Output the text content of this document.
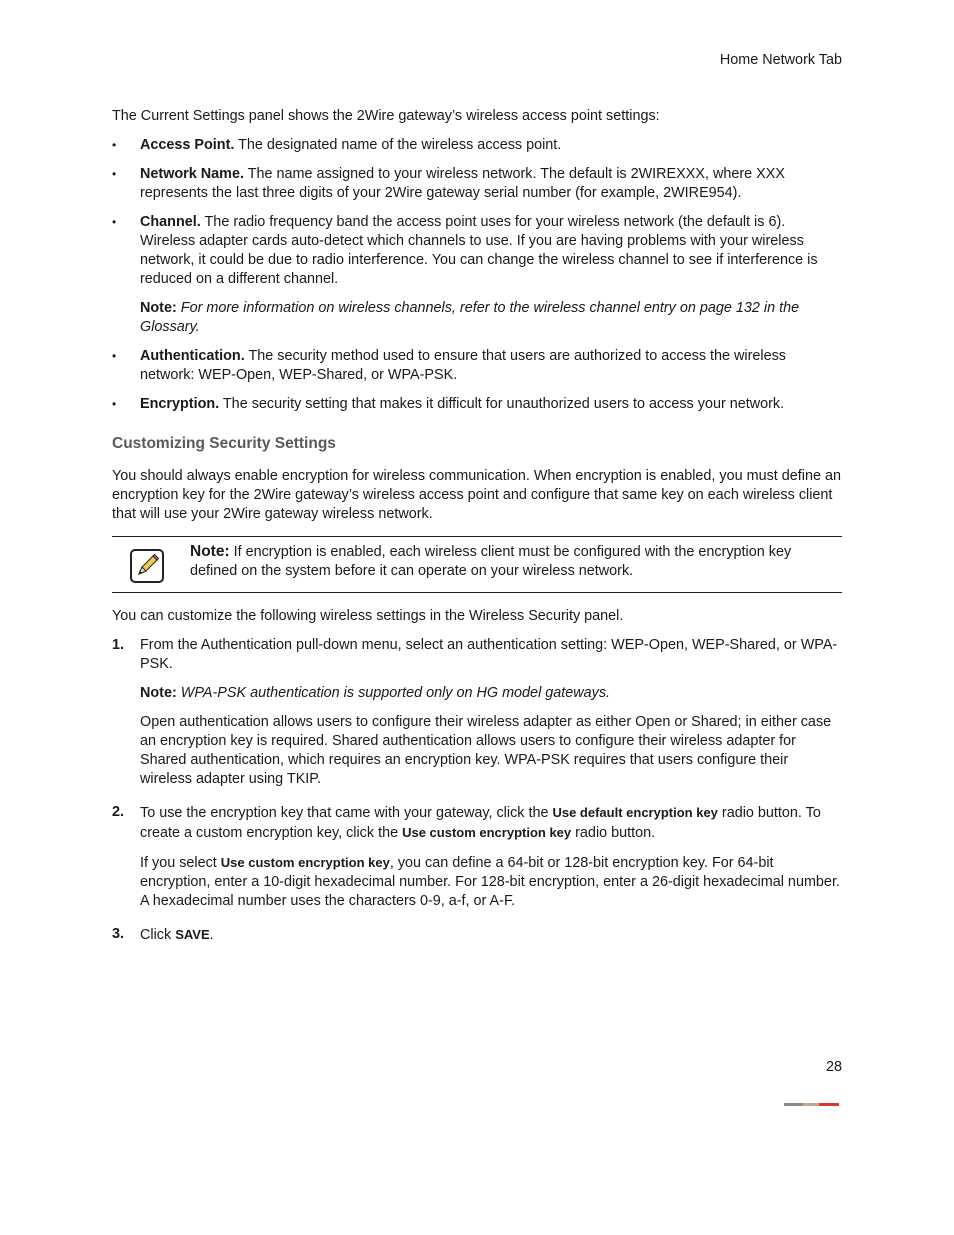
Home Network Tab

The Current Settings panel shows the 2Wire gateway’s wireless access point settings:

• Access Point. The designated name of the wireless access point.
• Network Name. The name assigned to your wireless network. The default is 2WIREXXX, where XXX represents the last three digits of your 2Wire gateway serial number (for example, 2WIRE954).
• Channel. The radio frequency band the access point uses for your wireless network (the default is 6). Wireless adapter cards auto-detect which channels to use. If you are having problems with your wireless network, it could be due to radio interference. You can change the wireless channel to see if interference is reduced on a different channel.

Note: For more information on wireless channels, refer to the wireless channel entry on page 132 in the Glossary.

• Authentication. The security method used to ensure that users are authorized to access the wireless network: WEP-Open, WEP-Shared, or WPA-PSK.
• Encryption. The security setting that makes it difficult for unauthorized users to access your network.
Customizing Security Settings

You should always enable encryption for wireless communication. When encryption is enabled, you must define an encryption key for the 2Wire gateway’s wireless access point and configure that same key on each wireless client that will use your 2Wire gateway wireless network.

Note: If encryption is enabled, each wireless client must be configured with the encryption key defined on the system before it can operate on your wireless network.

You can customize the following wireless settings in the Wireless Security panel.

1. From the Authentication pull-down menu, select an authentication setting: WEP-Open, WEP-Shared, or WPA-PSK.

Note: WPA-PSK authentication is supported only on HG model gateways.

Open authentication allows users to configure their wireless adapter as either Open or Shared; in either case an encryption key is required. Shared authentication allows users to configure their wireless adapter for Shared authentication, which requires an encryption key. WPA-PSK requires that users configure their wireless adapter using TKIP.

2. To use the encryption key that came with your gateway, click the Use default encryption key radio button. To create a custom encryption key, click the Use custom encryption key radio button.

If you select Use custom encryption key, you can define a 64-bit or 128-bit encryption key. For 64-bit encryption, enter a 10-digit hexadecimal number. For 128-bit encryption, enter a 26-digit hexadecimal number. A hexadecimal number uses the characters 0-9, a-f, or A-F.

3. Click SAVE.

28
